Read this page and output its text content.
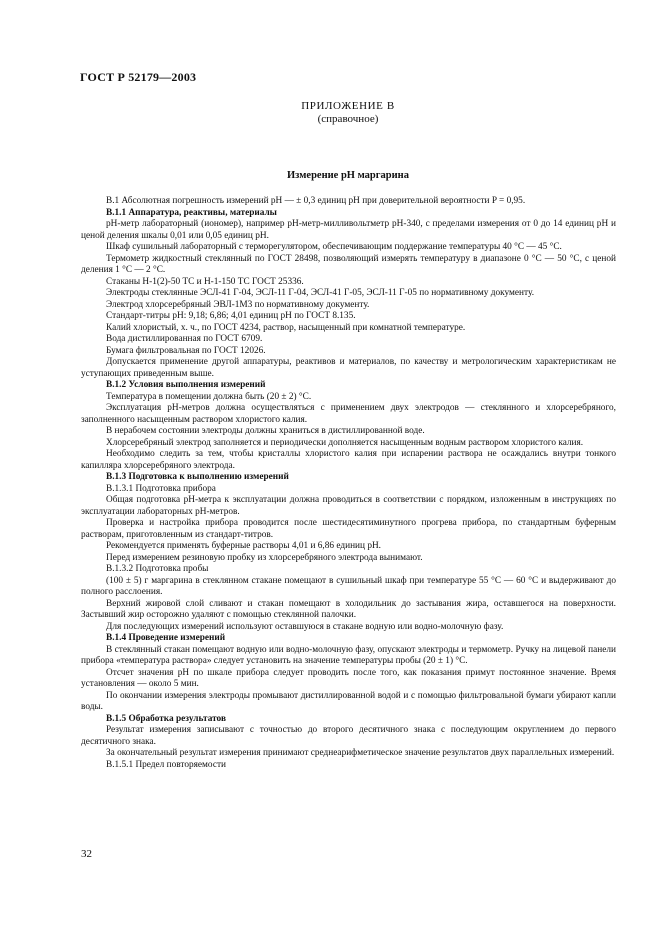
ГОСТ Р 52179—2003
ПРИЛОЖЕНИЕ В
(справочное)
Измерение pH маргарина

В.1 Абсолютная погрешность измерений pH — ± 0,3 единиц pH при доверительной вероятности P = 0,95.

В.1.1 Аппаратура, реактивы, материалы

pH-метр лабораторный (иономер), например pH-метр-милливольтметр pH-340, с пределами измерения от 0 до 14 единиц pH и ценой деления шкалы 0,01 или 0,05 единиц pH.

Шкаф сушильный лабораторный с терморегулятором, обеспечивающим поддержание температуры 40 °С — 45 °С.

Термометр жидкостный стеклянный по ГОСТ 28498, позволяющий измерять температуру в диапазоне 0 °С — 50 °С, с ценой деления 1 °С — 2 °С.

Стаканы Н-1(2)-50 ТС и Н-1-150 ТС ГОСТ 25336.

Электроды стеклянные ЭСЛ-41 Г-04, ЭСЛ-11 Г-04, ЭСЛ-41 Г-05, ЭСЛ-11 Г-05 по нормативному документу.

Электрод хлорсеребряный ЭВЛ-1М3 по нормативному документу.

Стандарт-титры pH: 9,18; 6,86; 4,01 единиц pH по ГОСТ 8.135.

Калий хлористый, х. ч., по ГОСТ 4234, раствор, насыщенный при комнатной температуре.

Вода дистиллированная по ГОСТ 6709.

Бумага фильтровальная по ГОСТ 12026.

Допускается применение другой аппаратуры, реактивов и материалов, по качеству и метрологическим характеристикам не уступающих приведенным выше.

В.1.2 Условия выполнения измерений

Температура в помещении должна быть (20 ± 2) °С.

Эксплуатация pH-метров должна осуществляться с применением двух электродов — стеклянного и хлорсеребряного, заполненного насыщенным раствором хлористого калия.

В нерабочем состоянии электроды должны храниться в дистиллированной воде.

Хлорсеребряный электрод заполняется и периодически дополняется насыщенным водным раствором хлористого калия.

Необходимо следить за тем, чтобы кристаллы хлористого калия при испарении раствора не осаждались внутри тонкого капилляра хлорсеребряного электрода.

В.1.3 Подготовка к выполнению измерений

В.1.3.1 Подготовка прибора

Общая подготовка pH-метра к эксплуатации должна проводиться в соответствии с порядком, изложенным в инструкциях по эксплуатации лабораторных pH-метров.

Проверка и настройка прибора проводится после шестидесятиминутного прогрева прибора, по стандартным буферным растворам, приготовленным из стандарт-титров.

Рекомендуется применять буферные растворы 4,01 и 6,86 единиц pH.

Перед измерением резиновую пробку из хлорсеребряного электрода вынимают.

В.1.3.2 Подготовка пробы

(100 ± 5) г маргарина в стеклянном стакане помещают в сушильный шкаф при температуре 55 °С — 60 °С и выдерживают до полного расслоения.

Верхний жировой слой сливают и стакан помещают в холодильник до застывания жира, оставшегося на поверхности. Застывший жир осторожно удаляют с помощью стеклянной палочки.

Для последующих измерений используют оставшуюся в стакане водную или водно-молочную фазу.

В.1.4 Проведение измерений

В стеклянный стакан помещают водную или водно-молочную фазу, опускают электроды и термометр. Ручку на лицевой панели прибора «температура раствора» следует установить на значение температуры пробы (20 ± 1) °С.

Отсчет значения pH по шкале прибора следует проводить после того, как показания примут постоянное значение. Время установления — около 5 мин.

По окончании измерения электроды промывают дистиллированной водой и с помощью фильтровальной бумаги убирают капли воды.

В.1.5 Обработка результатов

Результат измерения записывают с точностью до второго десятичного знака с последующим округлением до первого десятичного знака.

За окончательный результат измерения принимают среднеарифметическое значение результатов двух параллельных измерений.

В.1.5.1 Предел повторяемости

32
